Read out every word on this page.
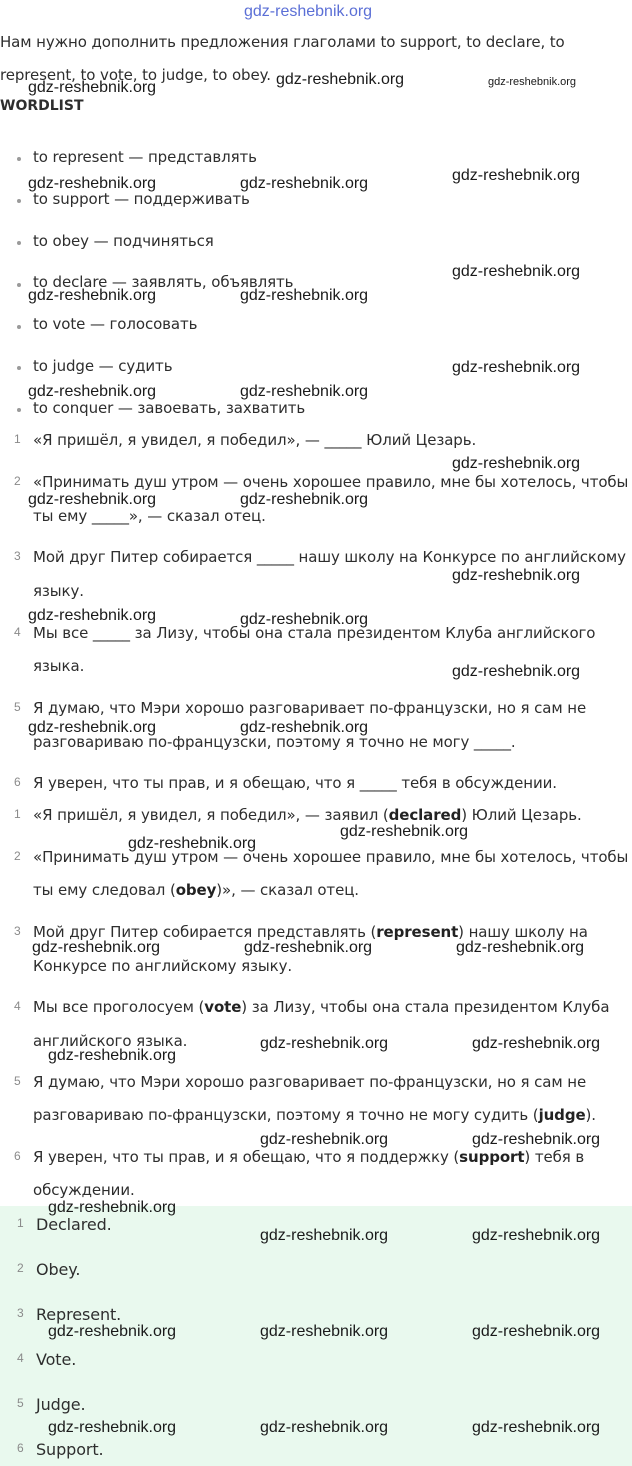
gdz-reshebnik.org
Нам нужно дополнить предложения глаголами to support, to declare, to
represent, to vote, to judge, to obey.
WORDLIST
to represent — представлять
to support — поддерживать
to obey — подчиняться
to declare — заявлять, объявлять
to vote — голосовать
to judge — судить
to conquer — завоевать, захватить
1 «Я пришёл, я увидел, я победил», — _____ Юлий Цезарь.
2 «Принимать душ утром — очень хорошее правило, мне бы хотелось, чтобы
ты ему _____», — сказал отец.
3 Мой друг Питер собирается _____ нашу школу на Конкурсе по английскому
языку.
4 Мы все _____ за Лизу, чтобы она стала президентом Клуба английского
языка.
5 Я думаю, что Мэри хорошо разговаривает по-французски, но я сам не
разговариваю по-французски, поэтому я точно не могу _____.
6 Я уверен, что ты прав, и я обещаю, что я _____ тебя в обсуждении.
1 «Я пришёл, я увидел, я победил», — заявил (declared) Юлий Цезарь.
2 «Принимать душ утром — очень хорошее правило, мне бы хотелось, чтобы
ты ему следовал (obey)», — сказал отец.
3 Мой друг Питер собирается представлять (represent) нашу школу на
Конкурсе по английскому языку.
4 Мы все проголосуем (vote) за Лизу, чтобы она стала президентом Клуба
английского языка.
5 Я думаю, что Мэри хорошо разговаривает по-французски, но я сам не
разговариваю по-французски, поэтому я точно не могу судить (judge).
6 Я уверен, что ты прав, и я обещаю, что я поддержку (support) тебя в
обсуждении.
1 Declared.
2 Obey.
3 Represent.
4 Vote.
5 Judge.
6 Support.
gdz-reshebnik.org	gdz-reshebnik.org	gdz-reshebnik.org
gdz-reshebnik.org	gdz-reshebnik.org	gdz-reshebnik.org
gdz-reshebnik.org
gdz-reshebnik.org	gdz-reshebnik.org
gdz-reshebnik.org
gdz-reshebnik.org	gdz-reshebnik.org
gdz-reshebnik.org
gdz-reshebnik.org	gdz-reshebnik.org
gdz-reshebnik.org
gdz-reshebnik.org	gdz-reshebnik.org
gdz-reshebnik.org
gdz-reshebnik.org	gdz-reshebnik.org
gdz-reshebnik.org
gdz-reshebnik.org
gdz-reshebnik.org	gdz-reshebnik.org	gdz-reshebnik.org
gdz-reshebnik.org	gdz-reshebnik.org
gdz-reshebnik.org
gdz-reshebnik.org	gdz-reshebnik.org
gdz-reshebnik.org
gdz-reshebnik.org	gdz-reshebnik.org
gdz-reshebnik.org	gdz-reshebnik.org	gdz-reshebnik.org
gdz-reshebnik.org	gdz-reshebnik.org	gdz-reshebnik.org
